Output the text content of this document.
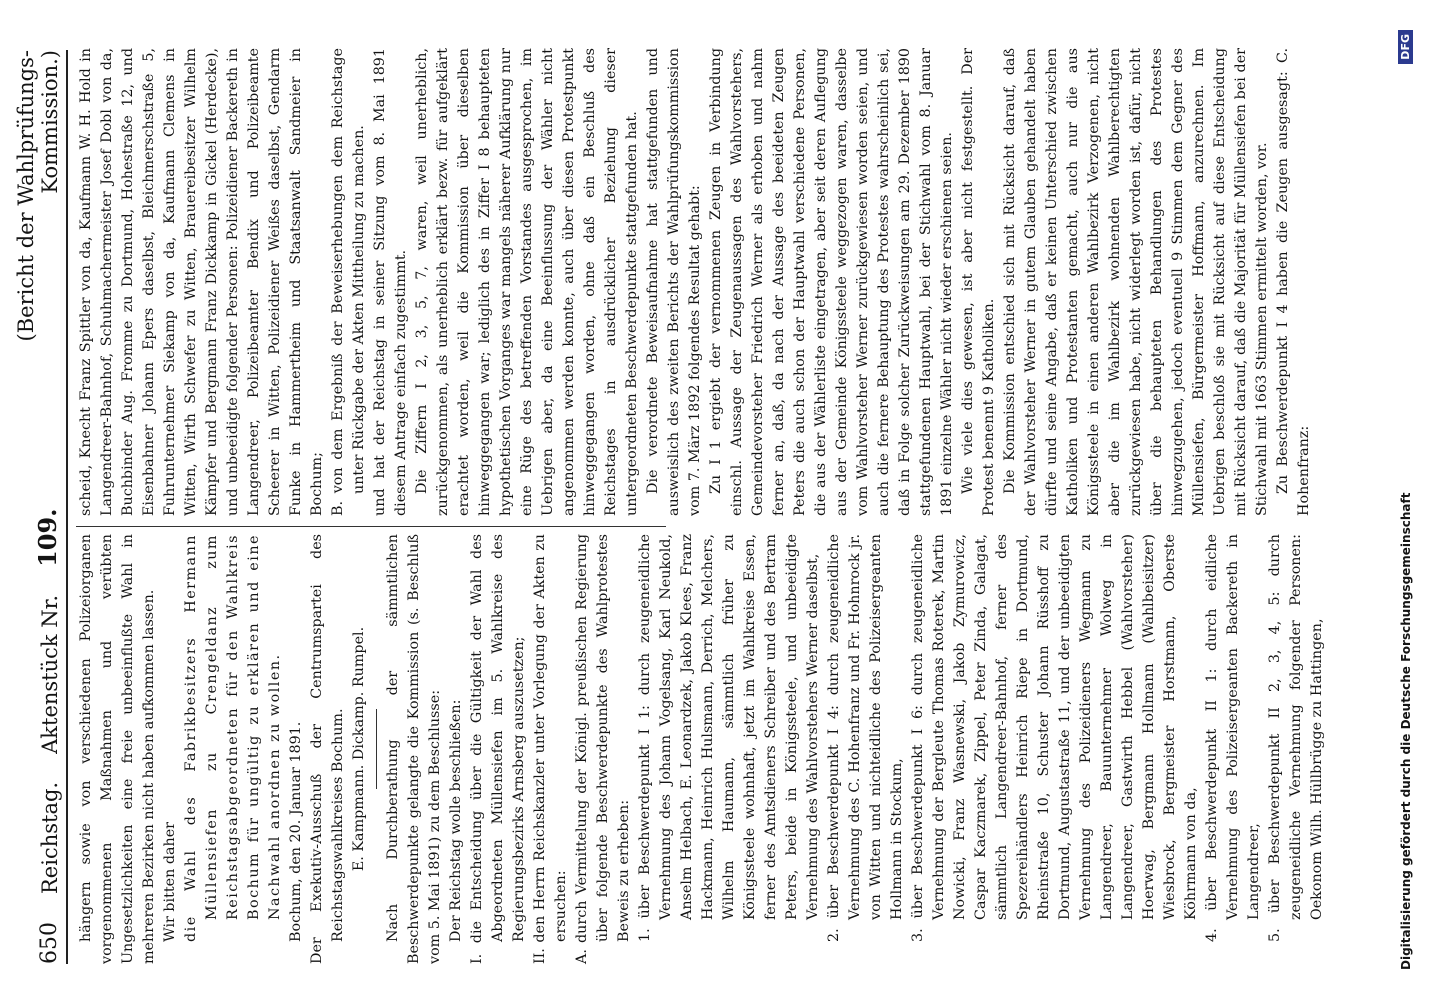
650
Reichstag.
Aktenstück Nr.
109.
(Bericht der Wahlprüfungs-Kommission.)

hängern sowie von verschiedenen Polizeiorganen vorgenommenen Maßnahmen und verübten Ungesetzlichkeiten eine freie unbeeinflußte Wahl in mehreren Bezirken nicht haben aufkommen lassen. Wir bitten daher die Wahl des Fabrikbesitzers Hermann Müllensiefen zu Crengeldanz zum Reichstagsabgeordneten für den Wahlkreis Bochum für ungültig zu erklären und eine Nachwahl anordnen zu wollen. Bochum, den 20. Januar 1891. Der Exekutiv-Ausschuß der Centrumspartei des Reichstagswahlkreises Bochum. E. Kampmann. Dickamp. Rumpel. Nach Durchberathung der sämmtlichen Beschwerdepunkte gelangte die Kommission (s. Beschluß vom 5. Mai 1891) zu dem Beschlusse: Der Reichstag wolle beschließen: I. die Entscheidung über die Gültigkeit der Wahl des Abgeordneten Müllensiefen im 5. Wahlkreise des Regierungsbezirks Arnsberg auszusetzen; II. den Herrn Reichskanzler unter Vorlegung der Akten zu ersuchen: A. durch Vermittelung der Königl. preußischen Regierung über folgende Beschwerdepunkte des Wahlprotestes Beweis zu erheben: 1. über Beschwerdepunkt I 1: durch zeugeneidliche Vernehmung des Johann Vogelsang, Karl Neukold, Anselm Helbach, E. Leonardzek, Jakob Klees, Franz Hackmann, Heinrich Hulsmann, Derrich, Melchers, Wilhelm Haumann, sämmtlich früher zu Königssteele wohnhaft, jetzt im Wahlkreise Essen, ferner des Amtsdieners Schreiber und des Bertram Peters, beide in Königssteele, und unbeeidigte Vernehmung des Wahlvorstehers Werner daselbst, 2. über Beschwerdepunkt I 4: durch zeugeneidliche Vernehmung des C. Hohenfranz und Fr. Hohnrock jr. von Witten und nichteidliche des Polizeisergeanten Hollmann in Stockum, 3. über Beschwerdepunkt I 6: durch zeugeneidliche Vernehmung der Bergleute Thomas Roterek, Martin Nowicki, Franz Wasnewski, Jakob Zymurowicz, Caspar Kaczmarek, Zippel, Peter Zinda, Galagat, sämmtlich Langendreer-Bahnhof, ferner des Spezereihändlers Heinrich Riepe in Dortmund, Rheinstraße 10, Schuster Johann Rüsshoff zu Dortmund, Augustastraße 11, und der unbeeidigten Vernehmung des Polizeidieners Wegmann zu Langendreer, Bauunternehmer Wolweg in Langendreer, Gastwirth Hebbel (Wahlvorsteher) Hoerwag, Bergmann Hollmann (Wahlbeisitzer) Wiesbrock, Bergmeister Horstmann, Oberste Köhrmann von da, 4. über Beschwerdepunkt II 1: durch eidliche Vernehmung des Polizeisergeanten Backereth in Langendreer, 5. über Beschwerdepunkt II 2, 3, 4, 5: durch zeugeneidliche Vernehmung folgender Personen: Oekonom Wilh. Hüllbrügge zu Hattingen,

scheid, Knecht Franz Spittler von da, Kaufmann W. H. Hold in Langendreer-Bahnhof, Schuhmachermeister Josef Dobl von da, Buchbinder Aug. Fromme zu Dortmund, Hohestraße 12, und Eisenbahner Johann Epers daselbst, Bleichmerschstraße 5, Fuhrunternehmer Siekamp von da, Kaufmann Clemens in Witten, Wirth Schwefer zu Witten, Brauereibesitzer Wilhelm Kämpfer und Bergmann Franz Dickkamp in Gickel (Herdecke), und unbeeidigte folgender Personen: Polizeidiener Backereth in Langendreer, Polizeibeamter Bendix und Polizeibeamte Scheerer in Witten, Polizeidiener Weißes daselbst, Gendarm Funke in Hammertheim und Staatsanwalt Sandmeier in Bochum; B. von dem Ergebniß der Beweiserhebungen dem Reichstage unter Rückgabe der Akten Mittheilung zu machen. und hat der Reichstag in seiner Sitzung vom 8. Mai 1891 diesem Antrage einfach zugestimmt. Die Ziffern I 2, 3, 5, 7, waren, weil unerheblich, zurückgenommen, als unerheblich erklärt bezw. für aufgeklärt erachtet worden, weil die Kommission über dieselben hinweggegangen war; lediglich des in Ziffer I 8 behaupteten hypothetischen Vorganges war mangels näherer Aufklärung nur eine Rüge des betreffenden Vorstandes ausgesprochen, im Uebrigen aber, da eine Beeinflussung der Wähler nicht angenommen werden konnte, auch über diesen Protestpunkt hinweggegangen worden, ohne daß ein Beschluß des Reichstages in ausdrücklicher Beziehung dieser untergeordneten Beschwerdepunkte stattgefunden hat. Die verordnete Beweisaufnahme hat stattgefunden und ausweislich des zweiten Berichts der Wahlprüfungskommission vom 7. März 1892 folgendes Resultat gehabt: Zu I 1 ergiebt der vernommenen Zeugen in Verbindung einschl. Aussage der Zeugenaussagen des Wahlvorstehers, Gemeindevorsteher Friedrich Werner als erhoben und nahm ferner an, daß, da nach der Aussage des beeideten Zeugen Peters die auch schon der Hauptwahl verschiedene Personen, die aus der Wählerliste eingetragen, aber seit deren Auflegung aus der Gemeinde Königssteele weggezogen waren, dasselbe vom Wahlvorsteher Werner zurückgewiesen worden seien, und auch die fernere Behauptung des Protestes wahrscheinlich sei, daß in Folge solcher Zurückweisungen am 29. Dezember 1890 stattgefundenen Hauptwahl, bei der Stichwahl vom 8. Januar 1891 einzelne Wähler nicht wieder erschienen seien. Wie viele dies gewesen, ist aber nicht festgestellt. Der Protest benennt 9 Katholiken. Die Kommission entschied sich mit Rücksicht darauf, daß der Wahlvorsteher Werner in gutem Glauben gehandelt haben dürfte und seine Angabe, daß er keinen Unterschied zwischen Katholiken und Protestanten gemacht, auch nur die aus Königssteele in einen anderen Wahlbezirk Verzogenen, nicht aber die im Wahlbezirk wohnenden Wahlberechtigten zurückgewiesen habe, nicht widerlegt worden ist, dafür, nicht über die behaupteten Behandlungen des Protestes hinwegzugehen, jedoch eventuell 9 Stimmen dem Gegner des Müllensiefen, Bürgermeister Hoffmann, anzurechnen. Im Uebrigen beschloß sie mit Rücksicht auf diese Entscheidung mit Rücksicht darauf, daß die Majorität für Müllensiefen bei der Stichwahl mit 1663 Stimmen ermittelt worden, vor. Zu Beschwerdepunkt I 4 haben die Zeugen ausgesagt: C. Hohenfranz:

Digitalisierung gefördert durch die Deutsche Forschungsgemeinschaft
DFG
